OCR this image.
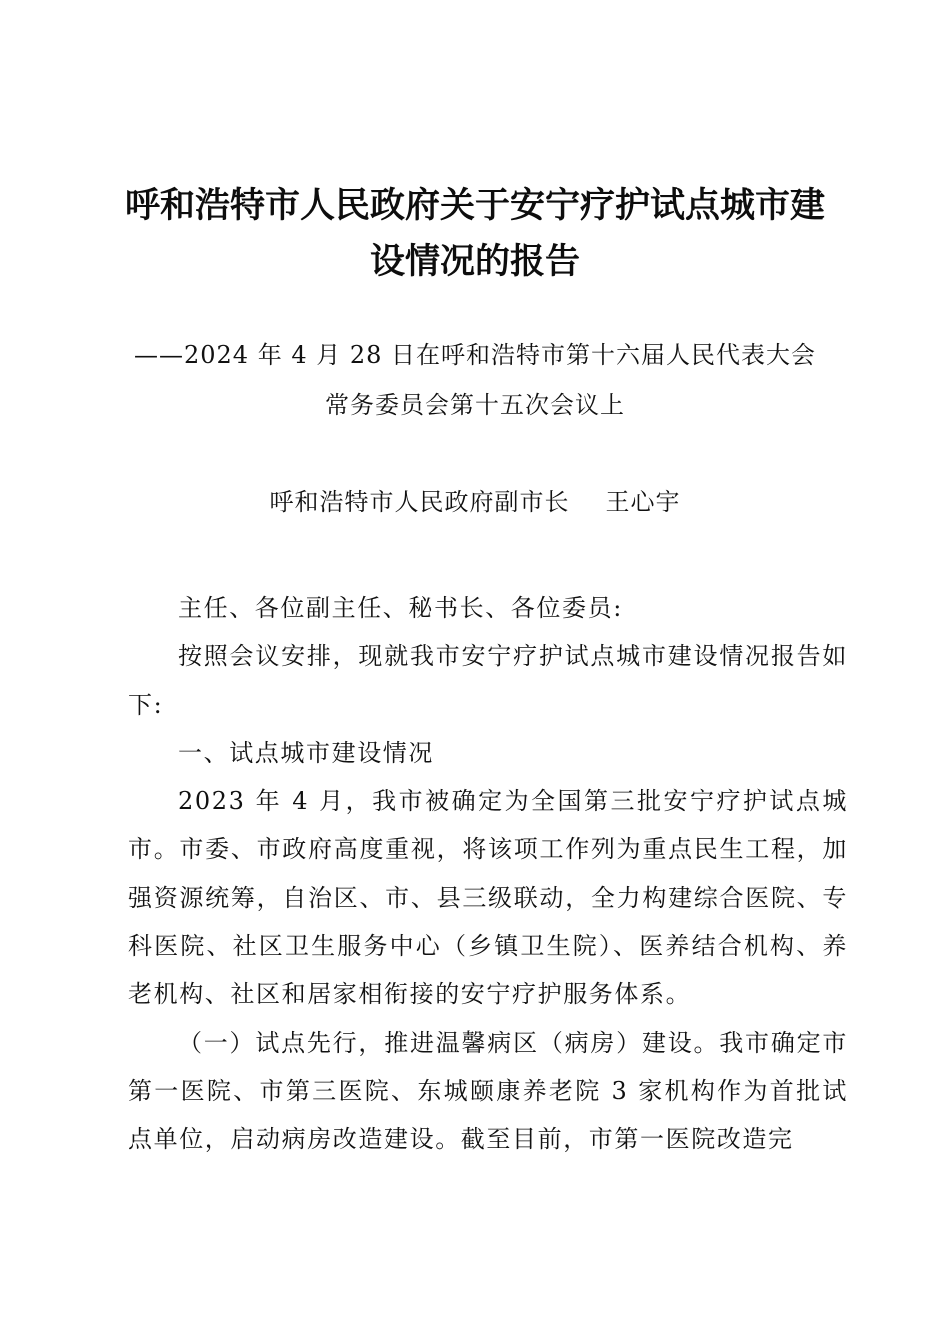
呼和浩特市人民政府关于安宁疗护试点城市建
设情况的报告
——2024 年 4 月 28 日在呼和浩特市第十六届人民代表大会
常务委员会第十五次会议上
呼和浩特市人民政府副市长 王心宇

主任、各位副主任、秘书长、各位委员:

按照会议安排，现就我市安宁疗护试点城市建设情况报告如下:

一、试点城市建设情况

2023 年 4 月，我市被确定为全国第三批安宁疗护试点城市。市委、市政府高度重视，将该项工作列为重点民生工程，加强资源统筹，自治区、市、县三级联动，全力构建综合医院、专科医院、社区卫生服务中心（乡镇卫生院）、医养结合机构、养老机构、社区和居家相衔接的安宁疗护服务体系。

（一）试点先行，推进温馨病区（病房）建设。我市确定市第一医院、市第三医院、东城颐康养老院 3 家机构作为首批试点单位，启动病房改造建设。截至目前，市第一医院改造完
